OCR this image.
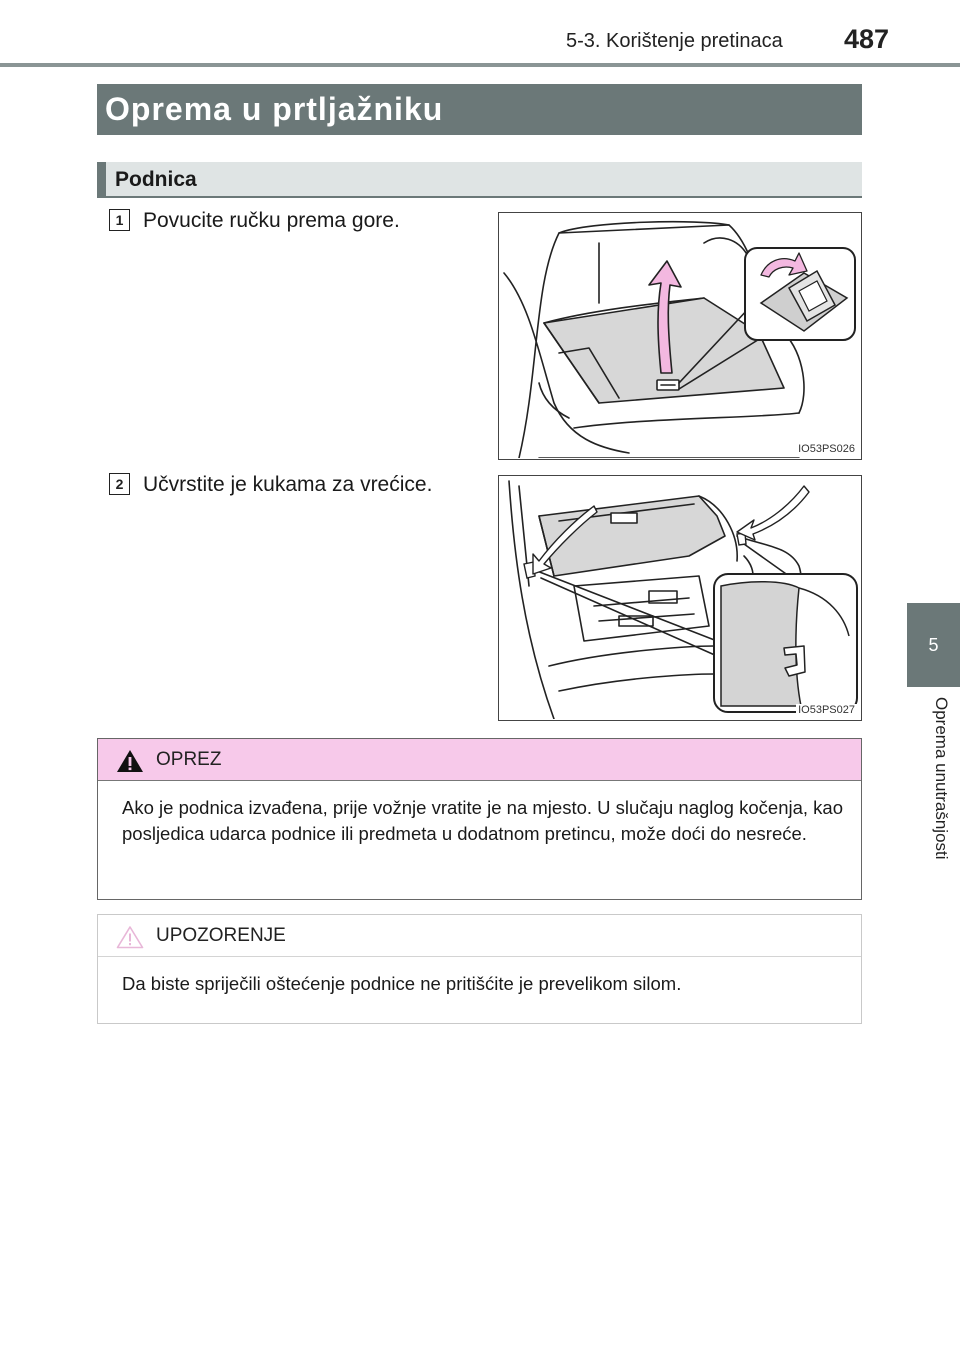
5-3. Korištenje pretinaca 487
Oprema u prtljažniku
Podnica
1 Povucite ručku prema gore.
IO53PS026
2 Učvrstite je kukama za vrećice.
IO53PS027
OPREZ
Ako je podnica izvađena, prije vožnje vratite je na mjesto. U slučaju naglog kočenja, kao posljedica udarca podnice ili predmeta u dodatnom pretincu, može doći do nesreće.
UPOZORENJE
Da biste spriječili oštećenje podnice ne pritišćite je prevelikom silom.
5
Oprema unutrašnjosti
